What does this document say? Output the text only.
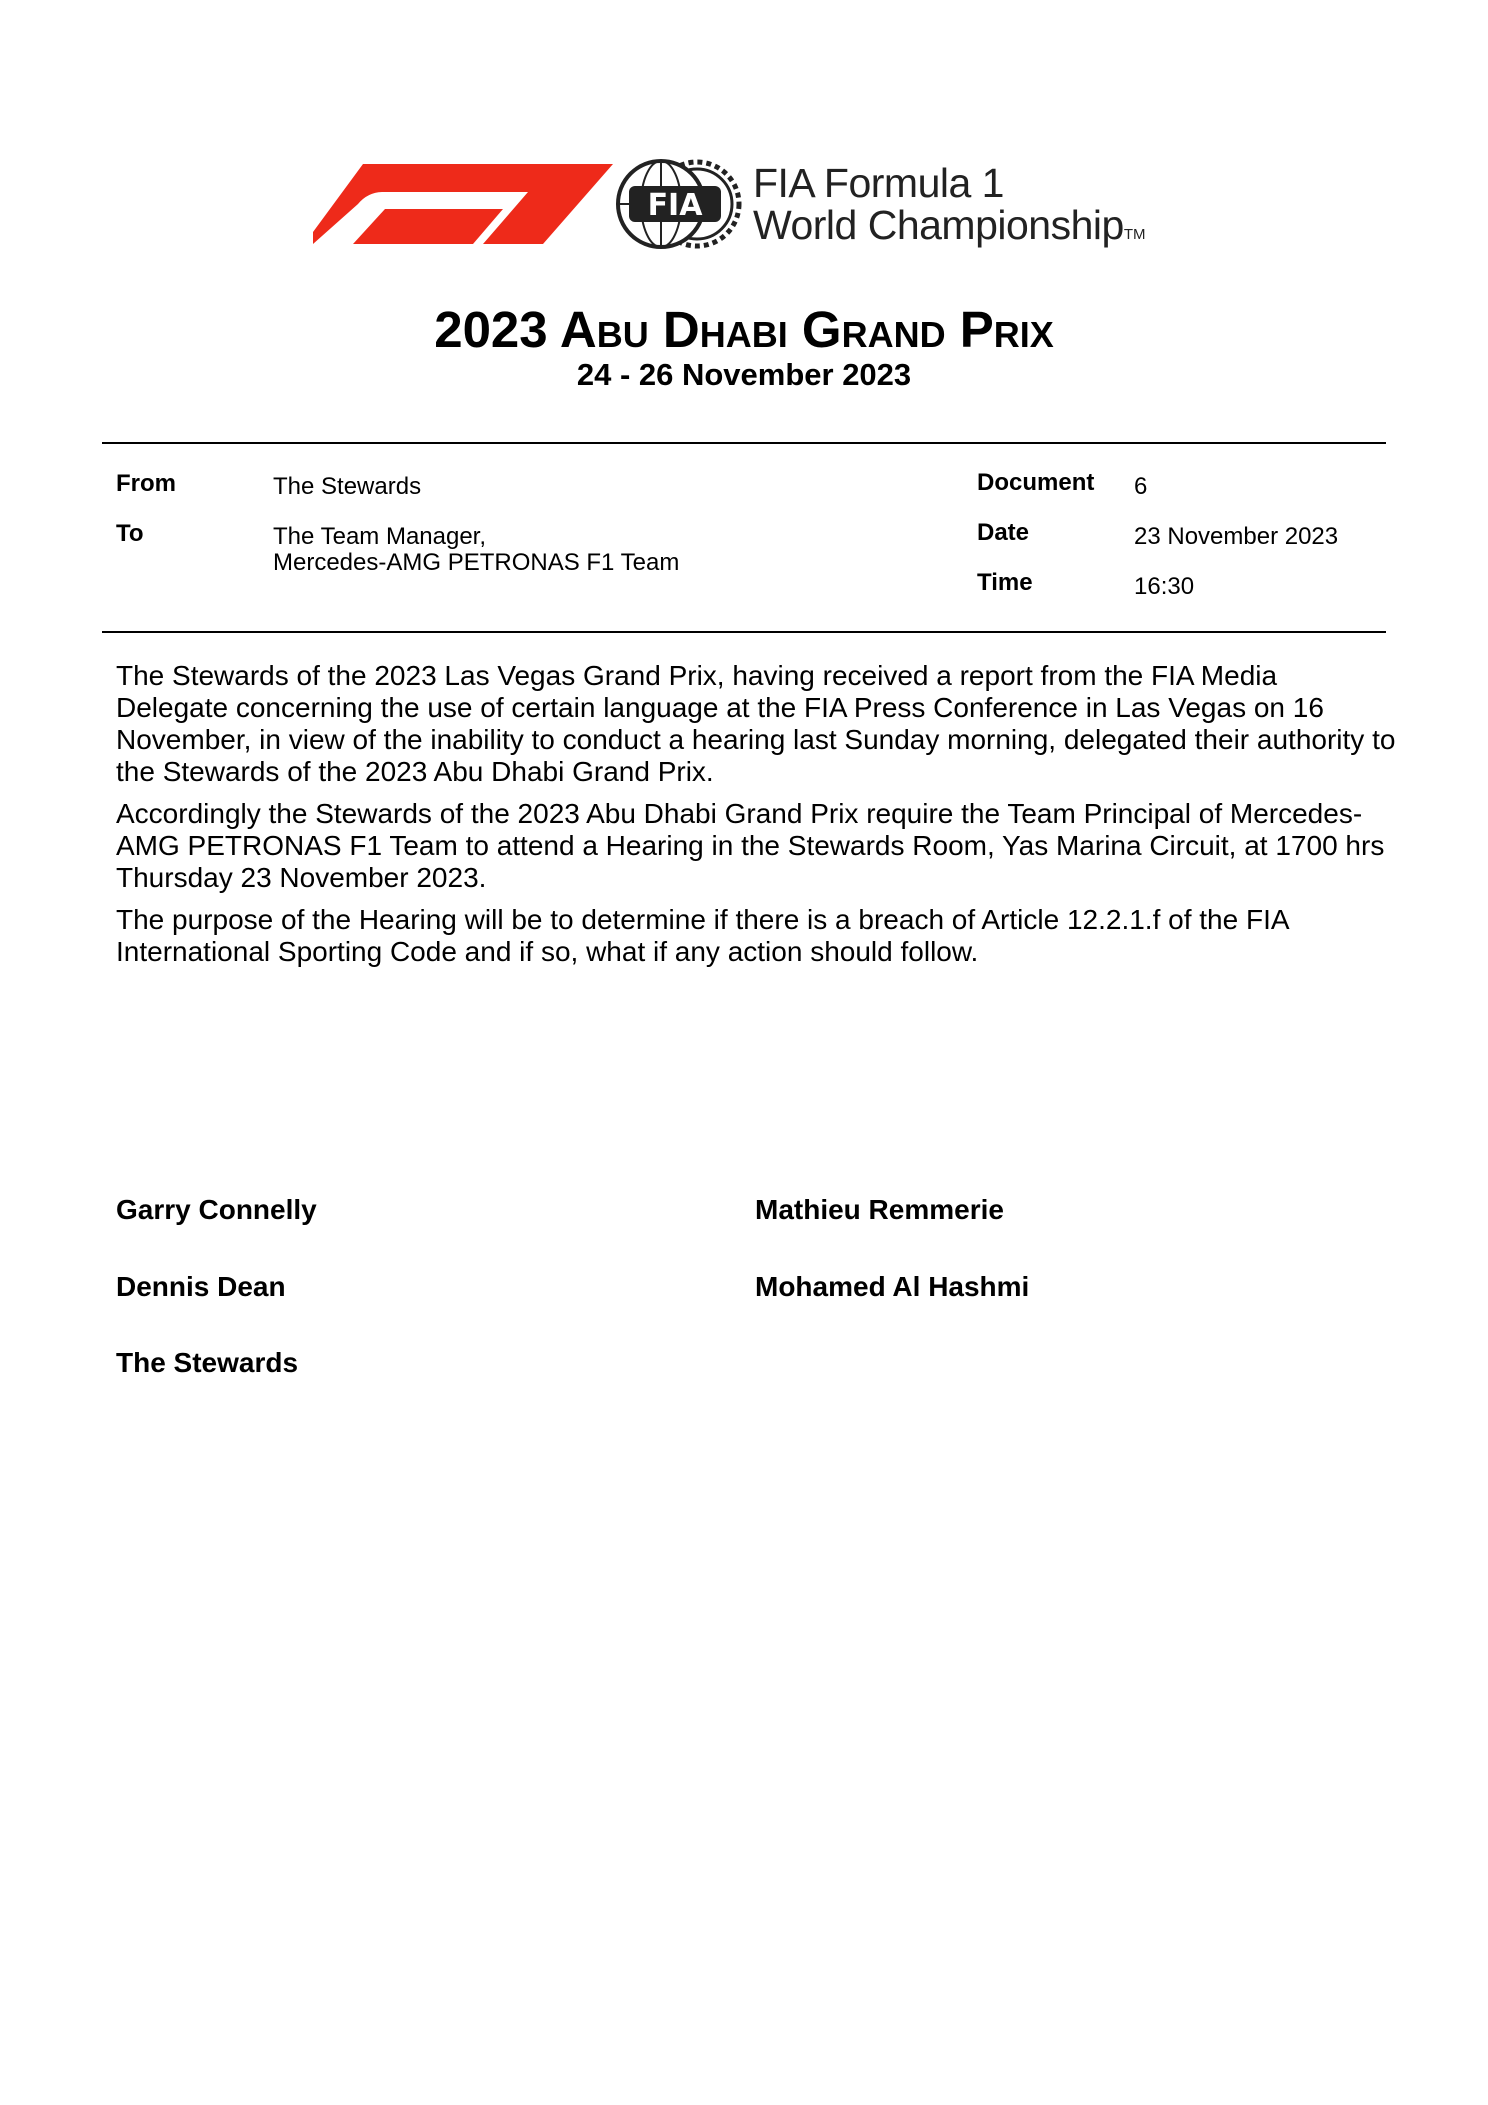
FIA FIA Formula 1
World ChampionshipTM
2023 Abu Dhabi Grand Prix
24 - 26 November 2023
From	The Stewards
To	The Team Manager,
Mercedes-AMG PETRONAS F1 Team
Document 6
Date	23 November 2023
Time	16:30

The Stewards of the 2023 Las Vegas Grand Prix, having received a report from the FIA Media Delegate concerning the use of certain language at the FIA Press Conference in Las Vegas on 16 November, in view of the inability to conduct a hearing last Sunday morning, delegated their authority to the Stewards of the 2023 Abu Dhabi Grand Prix.

Accordingly the Stewards of the 2023 Abu Dhabi Grand Prix require the Team Principal of Mercedes-AMG PETRONAS F1 Team to attend a Hearing in the Stewards Room, Yas Marina Circuit, at 1700 hrs Thursday 23 November 2023.

The purpose of the Hearing will be to determine if there is a breach of Article 12.2.1.f of the FIA International Sporting Code and if so, what if any action should follow.

Garry Connelly	Mathieu Remmerie
Dennis Dean	Mohamed Al Hashmi
The Stewards
